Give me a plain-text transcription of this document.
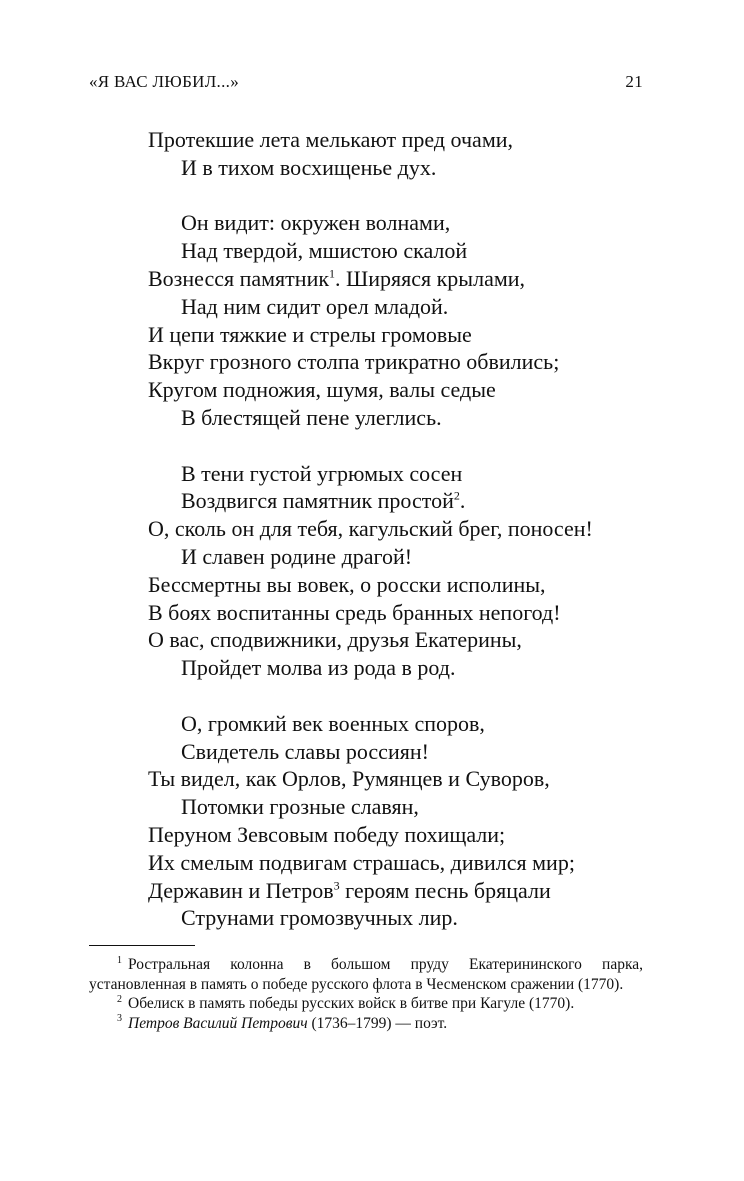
«Я ВАС ЛЮБИЛ...»	21
Протекшие лета мелькают пред очами,
И в тихом восхищенье дух.
Он видит: окружен волнами,
Над твердой, мшистою скалой
Вознесся памятник$^1$. Ширяяся крылами,
Над ним сидит орел младой.
И цепи тяжкие и стрелы громовые
Вкруг грозного столпа трикратно обвились;
Кругом подножия, шумя, валы седые
В блестящей пене улеглись.
В тени густой угрюмых сосен
Воздвигся памятник простой$^2$.
О, сколь он для тебя, кагульский брег, поносен!
И славен родине драгой!
Бессмертны вы вовек, о росски исполины,
В боях воспитанны средь бранных непогод!
О вас, сподвижники, друзья Екатерины,
Пройдет молва из рода в род.
О, громкий век военных споров,
Свидетель славы россиян!
Ты видел, как Орлов, Румянцев и Суворов,
Потомки грозные славян,
Перуном Зевсовым победу похищали;
Их смелым подвигам страшась, дивился мир;
Державин и Петров$^3$ героям песнь бряцали
Струнами громозвучных лир.
$^1$ Ростральная колонна в большом пруду Екатерининского парка, установленная в память о победе русского флота в Чесменском сражении (1770).
$^2$ Обелиск в память победы русских войск в битве при Кагуле (1770).
$^3$ Петров Василий Петрович (1736–1799) — поэт.
